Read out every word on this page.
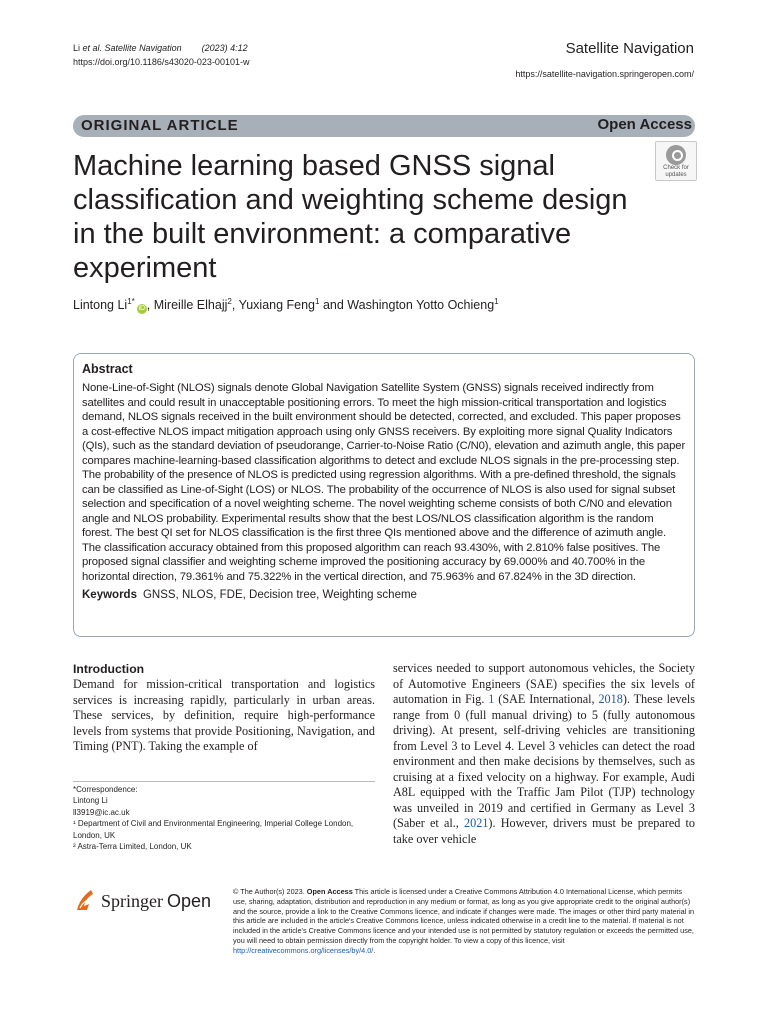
Li et al. Satellite Navigation (2023) 4:12
https://doi.org/10.1186/s43020-023-00101-w
Satellite Navigation
https://satellite-navigation.springeropen.com/
ORIGINAL ARTICLE	Open Access
Machine learning based GNSS signal classification and weighting scheme design in the built environment: a comparative experiment
Check for
updates
Lintong $Li^{1*}iD$ , Mireille Elhajj$^2$, Yuxiang Feng$^1$ and Washington Yotto Ochieng$^1$
Abstract
None-Line-of-Sight (NLOS) signals denote Global Navigation Satellite System (GNSS) signals received indirectly from satellites and could result in unacceptable positioning errors. To meet the high mission-critical transportation and logistics demand, NLOS signals received in the built environment should be detected, corrected, and excluded. This paper proposes a cost-effective NLOS impact mitigation approach using only GNSS receivers. By exploiting more signal Quality Indicators (QIs), such as the standard deviation of pseudorange, Carrier-to-Noise Ratio (C/N0), elevation and azimuth angle, this paper compares machine-learning-based classification algorithms to detect and exclude NLOS signals in the pre-processing step. The probability of the presence of NLOS is predicted using regression algorithms. With a pre-defined threshold, the signals can be classified as Line-of-Sight (LOS) or NLOS. The probability of the occurrence of NLOS is also used for signal subset selection and specification of a novel weighting scheme. The novel weighting scheme consists of both C/N0 and elevation angle and NLOS probability. Experimental results show that the best LOS/NLOS classification algorithm is the random forest. The best QI set for NLOS classification is the first three QIs mentioned above and the difference of azimuth angle. The classification accuracy obtained from this proposed algorithm can reach 93.430%, with 2.810% false positives. The proposed signal classifier and weighting scheme improved the positioning accuracy by 69.000% and 40.700% in the horizontal direction, 79.361% and 75.322% in the vertical direction, and 75.963% and 67.824% in the 3D direction.
Keywords GNSS, NLOS, FDE, Decision tree, Weighting scheme
Introduction
Demand for mission-critical transportation and logistics services is increasing rapidly, particularly in urban areas. These services, by definition, require high-performance levels from systems that provide Positioning, Navigation, and Timing (PNT). Taking the example of
services needed to support autonomous vehicles, the Society of Automotive Engineers (SAE) specifies the six levels of automation in Fig. 1 (SAE International, 2018). These levels range from 0 (full manual driving) to 5 (fully autonomous driving). At present, self-driving vehicles are transitioning from Level 3 to Level 4. Level 3 vehicles can detect the road environment and then make decisions by themselves, such as cruising at a fixed velocity on a highway. For example, Audi A8L equipped with the Traffic Jam Pilot (TJP) technology was unveiled in 2019 and certified in Germany as Level 3 (Saber et al., 2021). However, drivers must be prepared to take over vehicle
*Correspondence:
Lintong Li
ll3919@ic.ac.uk
¹ Department of Civil and Environmental Engineering, Imperial College London, London, UK
² Astra-Terra Limited, London, UK
Springer Open	© The Author(s) 2023. Open Access This article is licensed under a Creative Commons Attribution 4.0 International License, which permits use, sharing, adaptation, distribution and reproduction in any medium or format, as long as you give appropriate credit to the original author(s) and the source, provide a link to the Creative Commons licence, and indicate if changes were made. The images or other third party material in this article are included in the article's Creative Commons licence, unless indicated otherwise in a credit line to the material. If material is not included in the article's Creative Commons licence and your intended use is not permitted by statutory regulation or exceeds the permitted use, you will need to obtain permission directly from the copyright holder. To view a copy of this licence, visit http://creativecommons.org/licenses/by/4.0/.
